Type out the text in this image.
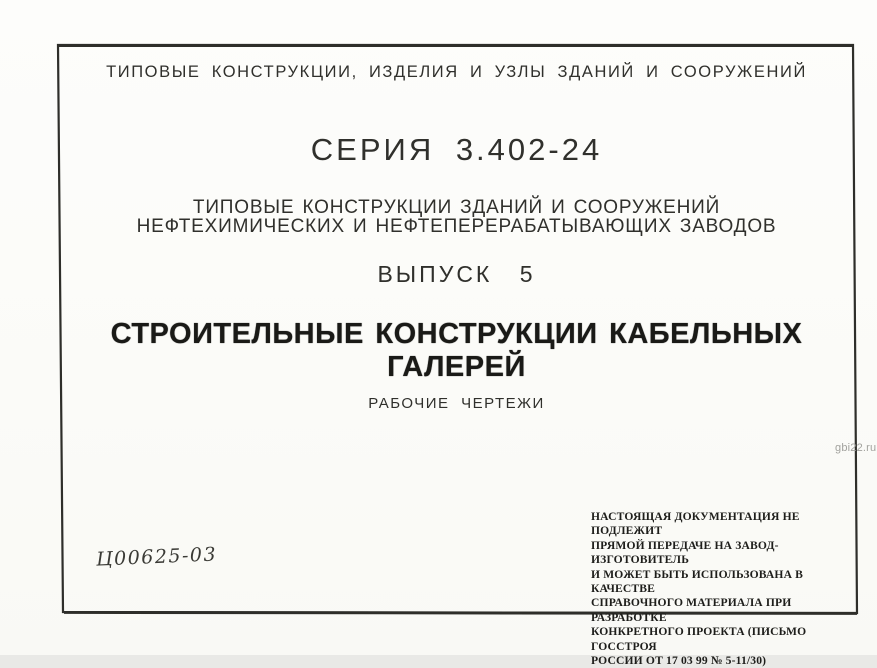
ТИПОВЫЕ КОНСТРУКЦИИ, ИЗДЕЛИЯ И УЗЛЫ ЗДАНИЙ И СООРУЖЕНИЙ
СЕРИЯ 3.402-24
ТИПОВЫЕ КОНСТРУКЦИИ ЗДАНИЙ И СООРУЖЕНИЙ
НЕФТЕХИМИЧЕСКИХ И НЕФТЕПЕРЕРАБАТЫВАЮЩИХ ЗАВОДОВ
ВЫПУСК 5
СТРОИТЕЛЬНЫЕ КОНСТРУКЦИИ КАБЕЛЬНЫХ
ГАЛЕРЕЙ
РАБОЧИЕ ЧЕРТЕЖИ
НАСТОЯЩАЯ ДОКУМЕНТАЦИЯ НЕ ПОДЛЕЖИТ
ПРЯМОЙ ПЕРЕДАЧЕ НА ЗАВОД-ИЗГОТОВИТЕЛЬ
И МОЖЕТ БЫТЬ ИСПОЛЬЗОВАНА В КАЧЕСТВЕ
СПРАВОЧНОГО МАТЕРИАЛА ПРИ РАЗРАБОТКЕ
КОНКРЕТНОГО ПРОЕКТА (ПИСЬМО ГОССТРОЯ
РОССИИ ОТ 17 03 99 № 5-11/30)
Ц00625-03
gbi22.ru
